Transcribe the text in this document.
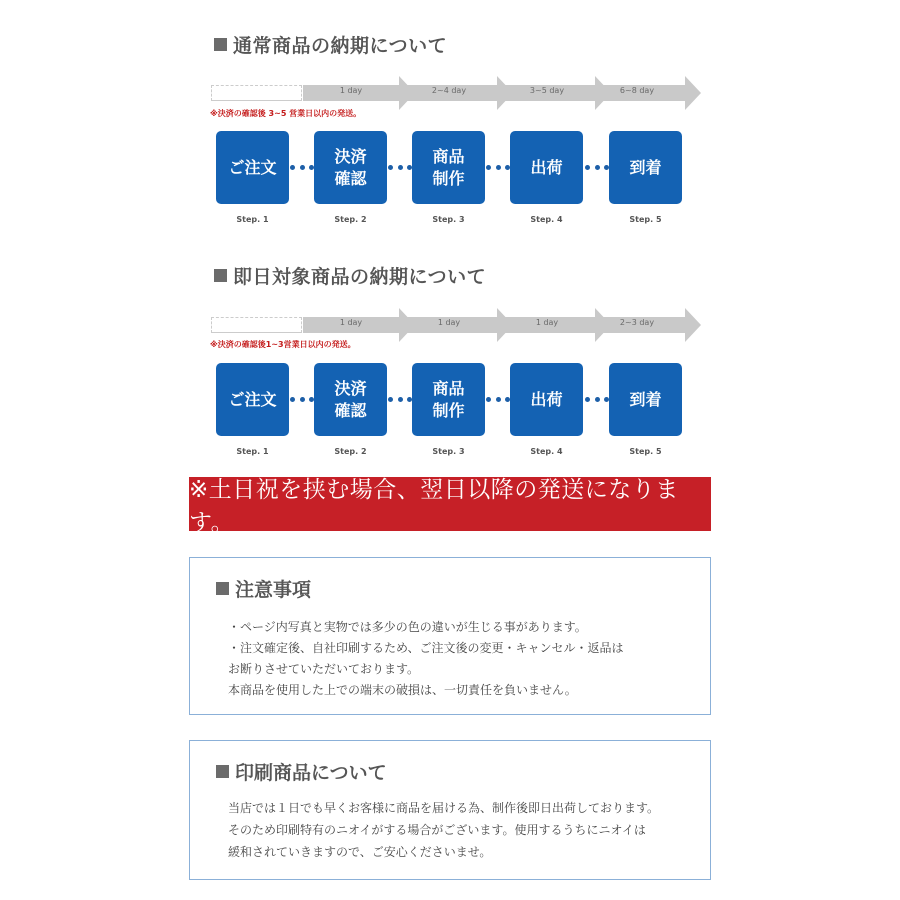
通常商品の納期について
1 day	2~4 day	3~5 day	6~8 day
※決済の確認後 3~5 営業日以内の発送。
ご注文
決済
確認
商品
制作
出荷	到着
Step. 1	Step. 2	Step. 3	Step. 4	Step. 5
即日対象商品の納期について
1 day	1 day	1 day	2~3 day
※決済の確認後1~3営業日以内の発送。
ご注文
決済
確認
商品
制作
出荷	到着
Step. 1	Step. 2	Step. 3	Step. 4	Step. 5
※土日祝を挟む場合、翌日以降の発送になります。
注意事項
・ページ内写真と実物では多少の色の違いが生じる事があります。
・注文確定後、自社印刷するため、ご注文後の変更・キャンセル・返品は
お断りさせていただいております。
本商品を使用した上での端末の破損は、一切責任を負いません。
印刷商品について
当店では１日でも早くお客様に商品を届ける為、制作後即日出荷しております。
そのため印刷特有のニオイがする場合がございます。使用するうちにニオイは
緩和されていきますので、ご安心くださいませ。
